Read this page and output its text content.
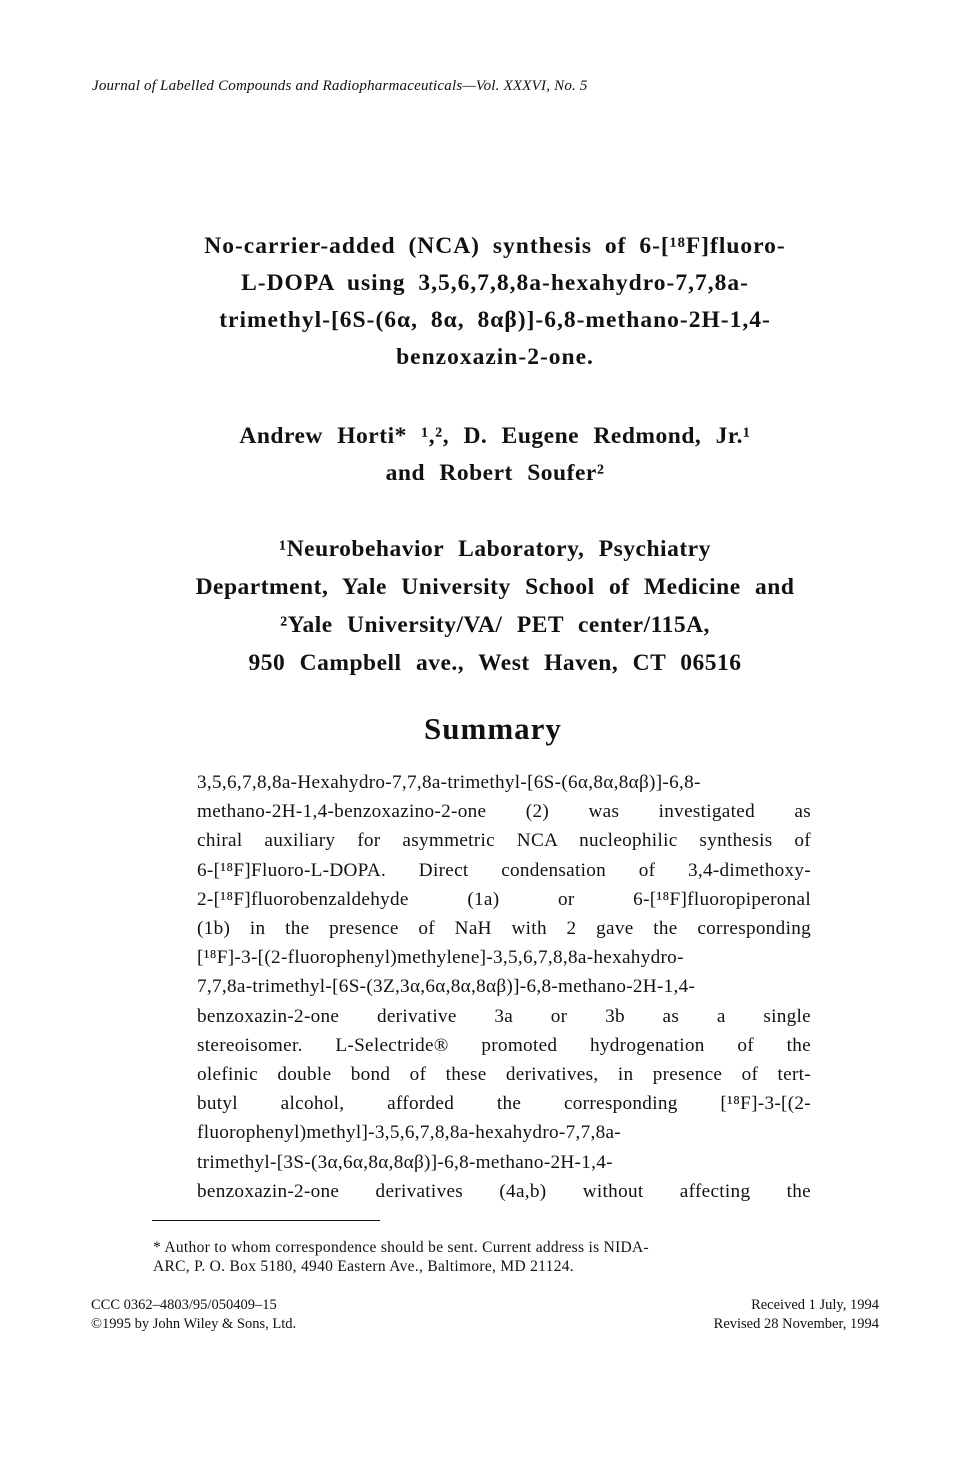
Journal of Labelled Compounds and Radiopharmaceuticals—Vol. XXXVI, No. 5
No-carrier-added (NCA) synthesis of 6-[¹⁸F]fluoro-
L-DOPA using 3,5,6,7,8,8a-hexahydro-7,7,8a-
trimethyl-[6S-(6α, 8α, 8αβ)]-6,8-methano-2H-1,4-
benzoxazin-2-one.
Andrew Horti* ¹,², D. Eugene Redmond, Jr.¹
and Robert Soufer²
¹Neurobehavior Laboratory, Psychiatry
Department, Yale University School of Medicine and
²Yale University/VA/ PET center/115A,
950 Campbell ave., West Haven, CT 06516
Summary
3,5,6,7,8,8a-Hexahydro-7,7,8a-trimethyl-[6S-(6α,8α,8αβ)]-6,8-
methano-2H-1,4-benzoxazino-2-one (2) was investigated as
chiral auxiliary for asymmetric NCA nucleophilic synthesis of
6-[¹⁸F]Fluoro-L-DOPA. Direct condensation of 3,4-dimethoxy-
2-[¹⁸F]fluorobenzaldehyde (1a) or 6-[¹⁸F]fluoropiperonal
(1b) in the presence of NaH with 2 gave the corresponding
[¹⁸F]-3-[(2-fluorophenyl)methylene]-3,5,6,7,8,8a-hexahydro-
7,7,8a-trimethyl-[6S-(3Z,3α,6α,8α,8αβ)]-6,8-methano-2H-1,4-
benzoxazin-2-one derivative 3a or 3b as a single
stereoisomer. L-Selectride® promoted hydrogenation of the
olefinic double bond of these derivatives, in presence of tert-
butyl alcohol, afforded the corresponding [¹⁸F]-3-[(2-
fluorophenyl)methyl]-3,5,6,7,8,8a-hexahydro-7,7,8a-
trimethyl-[3S-(3α,6α,8α,8αβ)]-6,8-methano-2H-1,4-
benzoxazin-2-one derivatives (4a,b) without affecting the
* Author to whom correspondence should be sent. Current address is NIDA-
ARC, P. O. Box 5180, 4940 Eastern Ave., Baltimore, MD 21124.
CCC 0362–4803/95/050409–15
©1995 by John Wiley & Sons, Ltd.
Received 1 July, 1994
Revised 28 November, 1994
